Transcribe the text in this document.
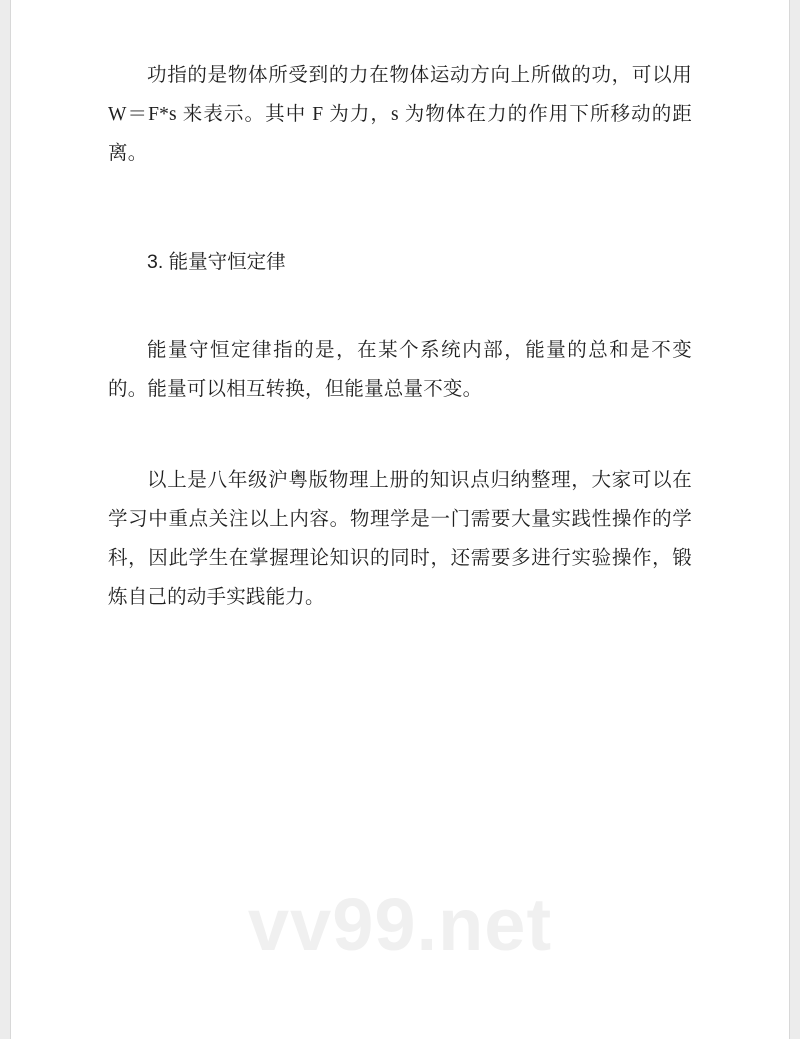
功指的是物体所受到的力在物体运动方向上所做的功，可以用 W＝F*s 来表示。其中 F 为力，s 为物体在力的作用下所移动的距离。

3. 能量守恒定律

能量守恒定律指的是，在某个系统内部，能量的总和是不变的。能量可以相互转换，但能量总量不变。

以上是八年级沪粤版物理上册的知识点归纳整理，大家可以在学习中重点关注以上内容。物理学是一门需要大量实践性操作的学科，因此学生在掌握理论知识的同时，还需要多进行实验操作，锻炼自己的动手实践能力。

vv99.net
